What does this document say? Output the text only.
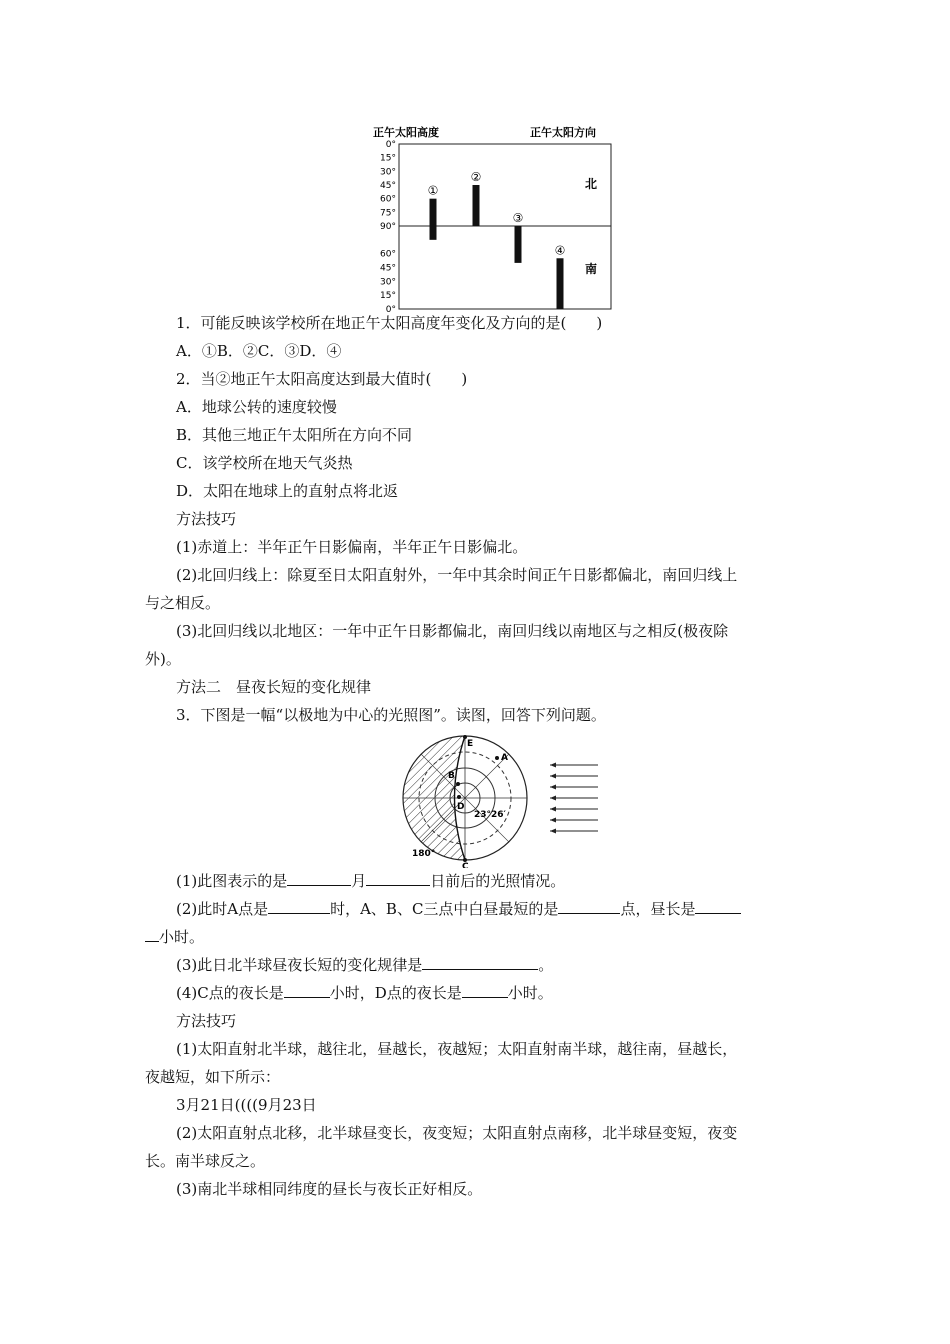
正午太阳高度	正午太阳方向
0°
15°
30°
45°
60°
75°
90°
60°
45°
30°
15°
0°
①
②
③
④
北
南
1．可能反映该学校所在地正午太阳高度年变化及方向的是(　　)
A．①B．②C．③D．④
2．当②地正午太阳高度达到最大值时(　　)
A．地球公转的速度较慢
B．其他三地正午太阳所在方向不同
C．该学校所在地天气炎热
D．太阳在地球上的直射点将北返
方法技巧
(1)赤道上：半年正午日影偏南，半年正午日影偏北。
(2)北回归线上：除夏至日太阳直射外，一年中其余时间正午日影都偏北，南回归线上
与之相反。
(3)北回归线以北地区：一年中正午日影都偏北，南回归线以南地区与之相反(极夜除
外)。
方法二　昼夜长短的变化规律
3．下图是一幅“以极地为中心的光照图”。读图，回答下列问题。
E
A
B
D
C
23°26′
180°
(1)此图表示的是	月	日前后的光照情况。
(2)此时A点是	时，A、B、C三点中白昼最短的是	点，昼长是
小时。
(3)此日北半球昼夜长短的变化规律是	。
(4)C点的夜长是	小时，D点的夜长是	小时。
方法技巧
(1)太阳直射北半球，越往北，昼越长，夜越短；太阳直射南半球，越往南，昼越长，
夜越短，如下所示：
3月21日((((9月23日
(2)太阳直射点北移，北半球昼变长，夜变短；太阳直射点南移，北半球昼变短，夜变
长。南半球反之。
(3)南北半球相同纬度的昼长与夜长正好相反。
